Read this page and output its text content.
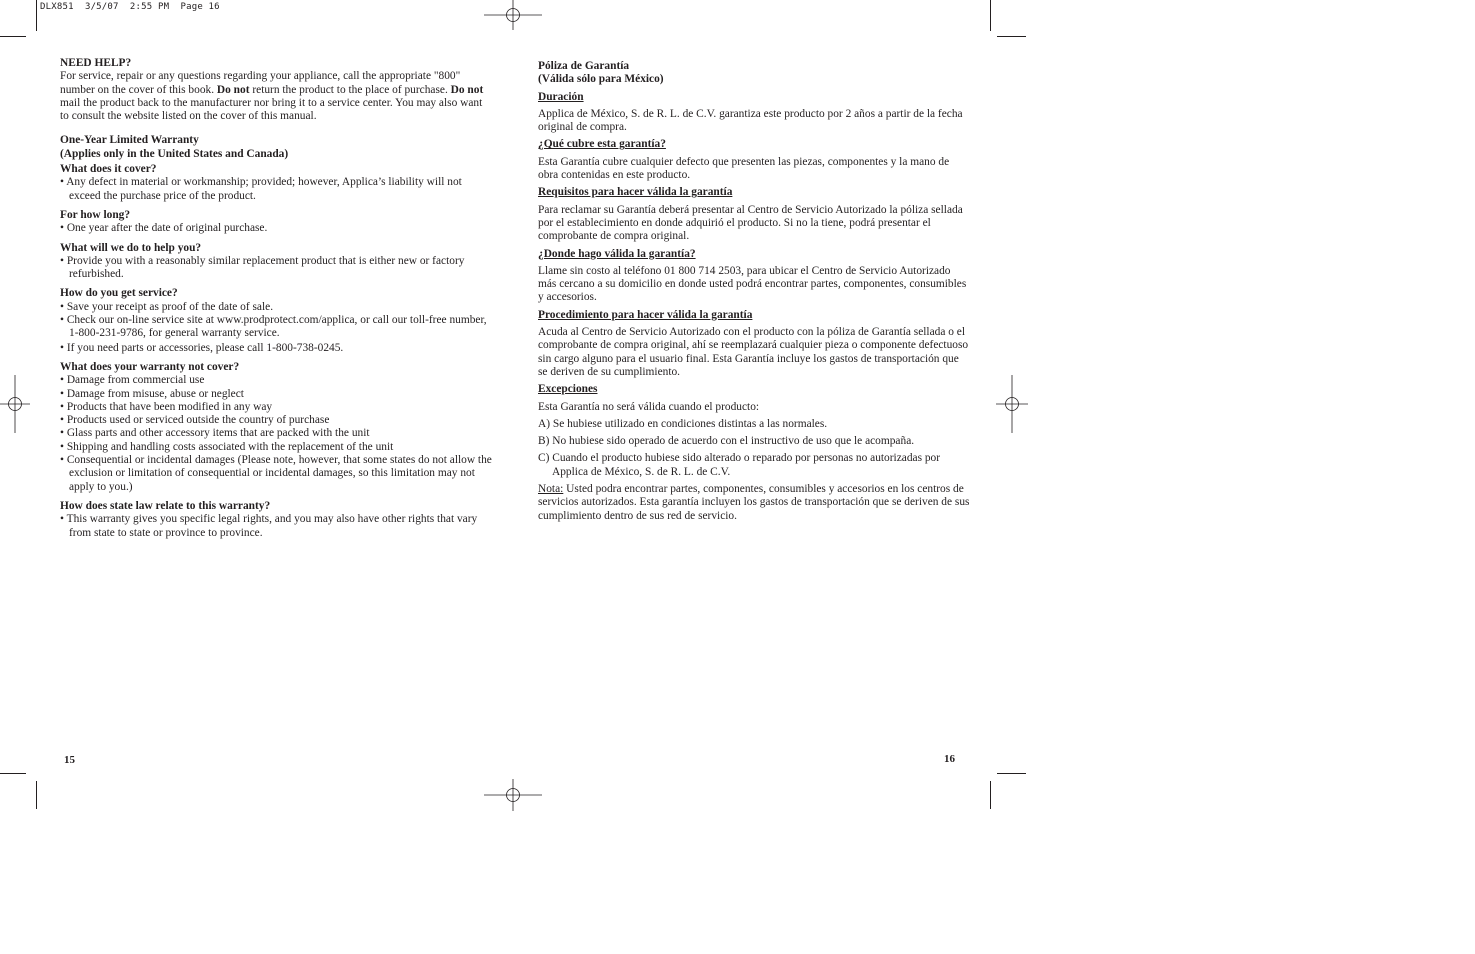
DLX851  3/5/07  2:55 PM  Page 16

NEED HELP?

For service, repair or any questions regarding your appliance, call the appropriate "800" number on the cover of this book. Do not return the product to the place of purchase. Do not mail the product back to the manufacturer nor bring it to a service center. You may also want to consult the website listed on the cover of this manual.

One-Year Limited Warranty

(Applies only in the United States and Canada)

What does it cover?

• Any defect in material or workmanship; provided; however, Applica’s liability will not exceed the purchase price of the product.

For how long?

• One year after the date of original purchase.

What will we do to help you?

• Provide you with a reasonably similar replacement product that is either new or factory refurbished.

How do you get service?

• Save your receipt as proof of the date of sale.

• Check our on-line service site at www.prodprotect.com/applica, or call our toll-free number, 1-800-231-9786, for general warranty service.

• If you need parts or accessories, please call 1-800-738-0245.

What does your warranty not cover?

• Damage from commercial use

• Damage from misuse, abuse or neglect

• Products that have been modified in any way

• Products used or serviced outside the country of purchase

• Glass parts and other accessory items that are packed with the unit

• Shipping and handling costs associated with the replacement of the unit

• Consequential or incidental damages (Please note, however, that some states do not allow the exclusion or limitation of consequential or incidental damages, so this limitation may not apply to you.)

How does state law relate to this warranty?

• This warranty gives you specific legal rights, and you may also have other rights that vary from state to state or province to province.

15

Póliza de Garantía

(Válida sólo para México)

Duración

Applica de México, S. de R. L. de C.V. garantiza este producto por 2 años a partir de la fecha original de compra.

¿Qué cubre esta garantía?

Esta Garantía cubre cualquier defecto que presenten las piezas, componentes y la mano de obra contenidas en este producto.

Requisitos para hacer válida la garantía

Para reclamar su Garantía deberá presentar al Centro de Servicio Autorizado la póliza sellada por el establecimiento en donde adquirió el producto. Si no la tiene, podrá presentar el comprobante de compra original.

¿Donde hago válida la garantía?

Llame sin costo al teléfono 01 800 714 2503, para ubicar el Centro de Servicio Autorizado más cercano a su domicilio en donde usted podrá encontrar partes, componentes, consumibles y accesorios.

Procedimiento para hacer válida la garantía

Acuda al Centro de Servicio Autorizado con el producto con la póliza de Garantía sellada o el comprobante de compra original, ahí se reemplazará cualquier pieza o componente defectuoso sin cargo alguno para el usuario final. Esta Garantía incluye los gastos de transportación que se deriven de su cumplimiento.

Excepciones

Esta Garantía no será válida cuando el producto:

A) Se hubiese utilizado en condiciones distintas a las normales.

B) No hubiese sido operado de acuerdo con el instructivo de uso que le acompaña.

C) Cuando el producto hubiese sido alterado o reparado por personas no autorizadas por Applica de México, S. de R. L. de C.V.

Nota: Usted podra encontrar partes, componentes, consumibles y accesorios en los centros de servicios autorizados. Esta garantía incluyen los gastos de transportación que se deriven de sus cumplimiento dentro de sus red de servicio.

16
